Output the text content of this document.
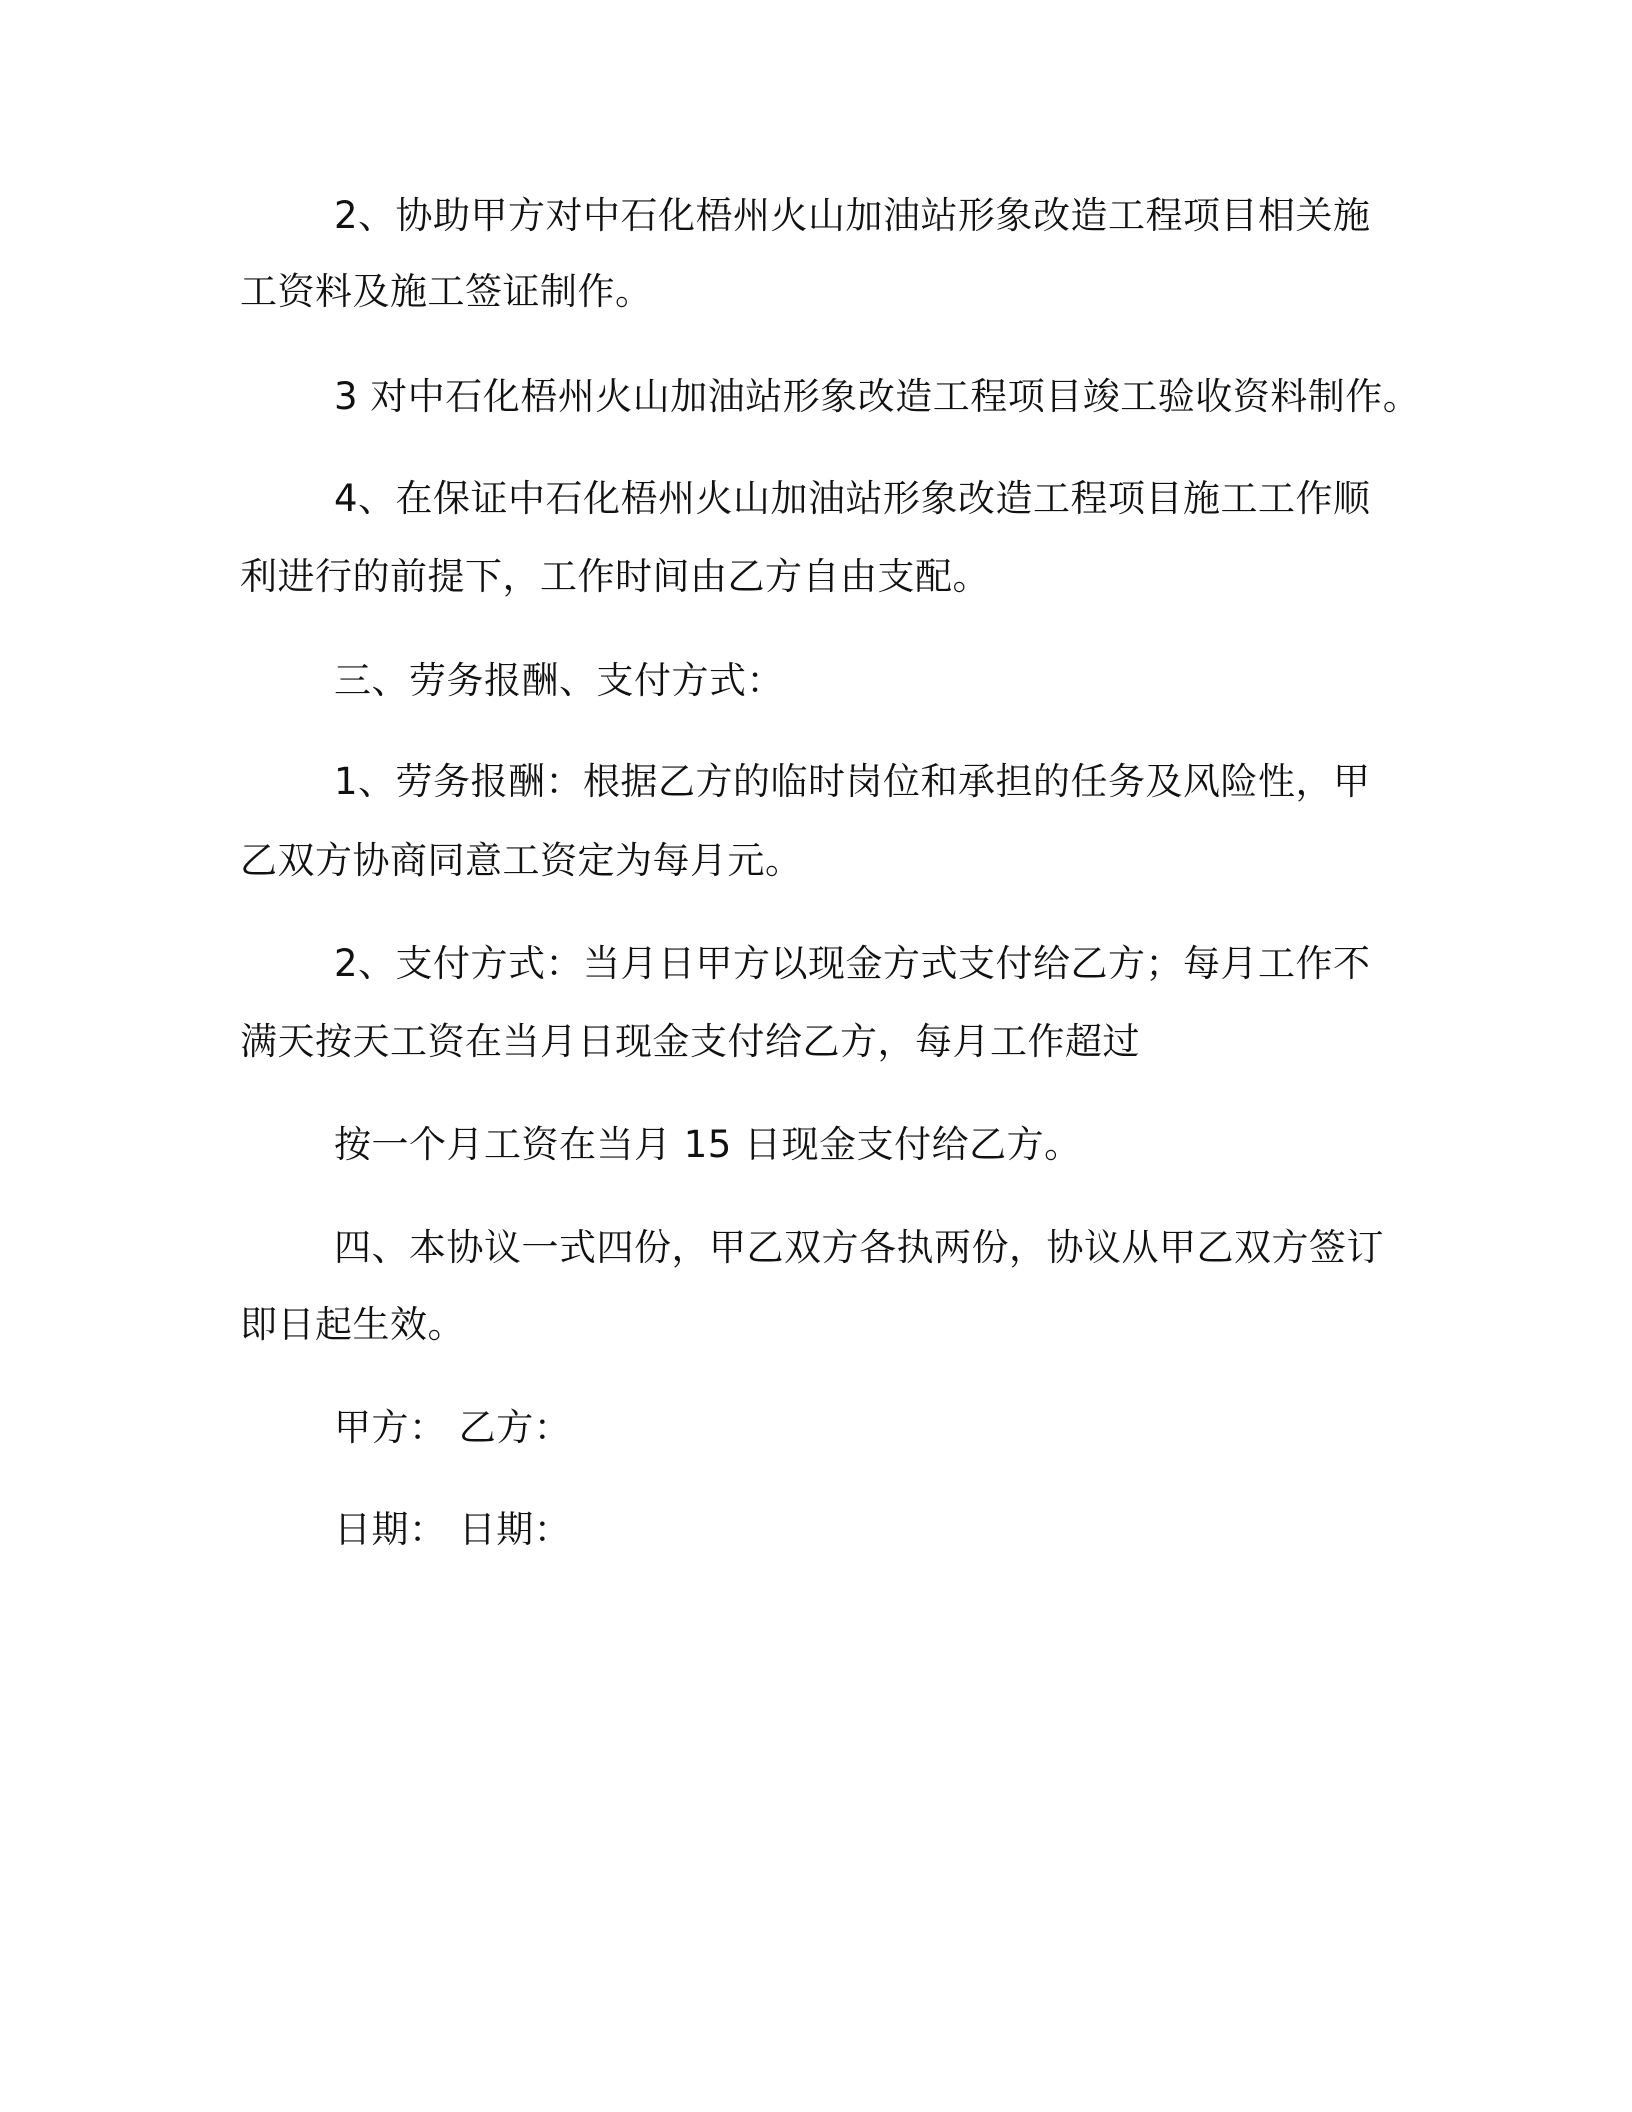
2、协助甲方对中石化梧州火山加油站形象改造工程项目相关施
工资料及施工签证制作。
3 对中石化梧州火山加油站形象改造工程项目竣工验收资料制作。
4、在保证中石化梧州火山加油站形象改造工程项目施工工作顺
利进行的前提下，工作时间由乙方自由支配。
三、劳务报酬、支付方式：
1、劳务报酬：根据乙方的临时岗位和承担的任务及风险性，甲
乙双方协商同意工资定为每月元。
2、支付方式：当月日甲方以现金方式支付给乙方；每月工作不
满天按天工资在当月日现金支付给乙方，每月工作超过
按一个月工资在当月 15 日现金支付给乙方。
四、本协议一式四份，甲乙双方各执两份，协议从甲乙双方签订
即日起生效。
甲方： 乙方：
日期： 日期：
